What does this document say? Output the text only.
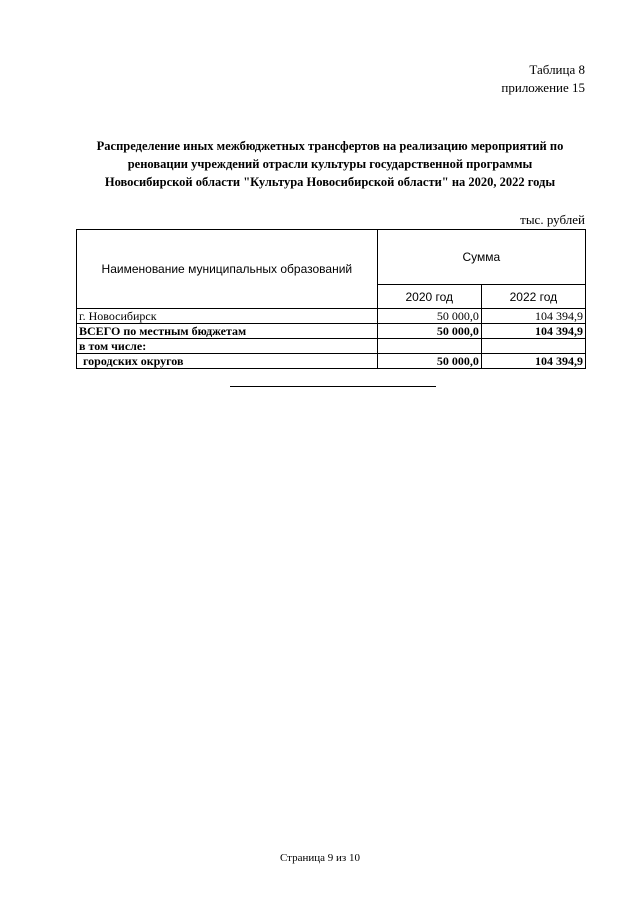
Таблица 8
приложение 15
Распределение иных межбюджетных трансфертов на реализацию мероприятий по
реновации учреждений отрасли культуры государственной программы
Новосибирской области "Культура Новосибирской области" на 2020, 2022 годы
тыс. рублей
Наименование муниципальных образований	Сумма	
	2020 год	2022 год
г. Новосибирск	50 000,0	104 394,9
ВСЕГО по местным бюджетам	50 000,0	104 394,9
в том числе:		
городских округов	50 000,0	104 394,9
Страница 9 из 10
